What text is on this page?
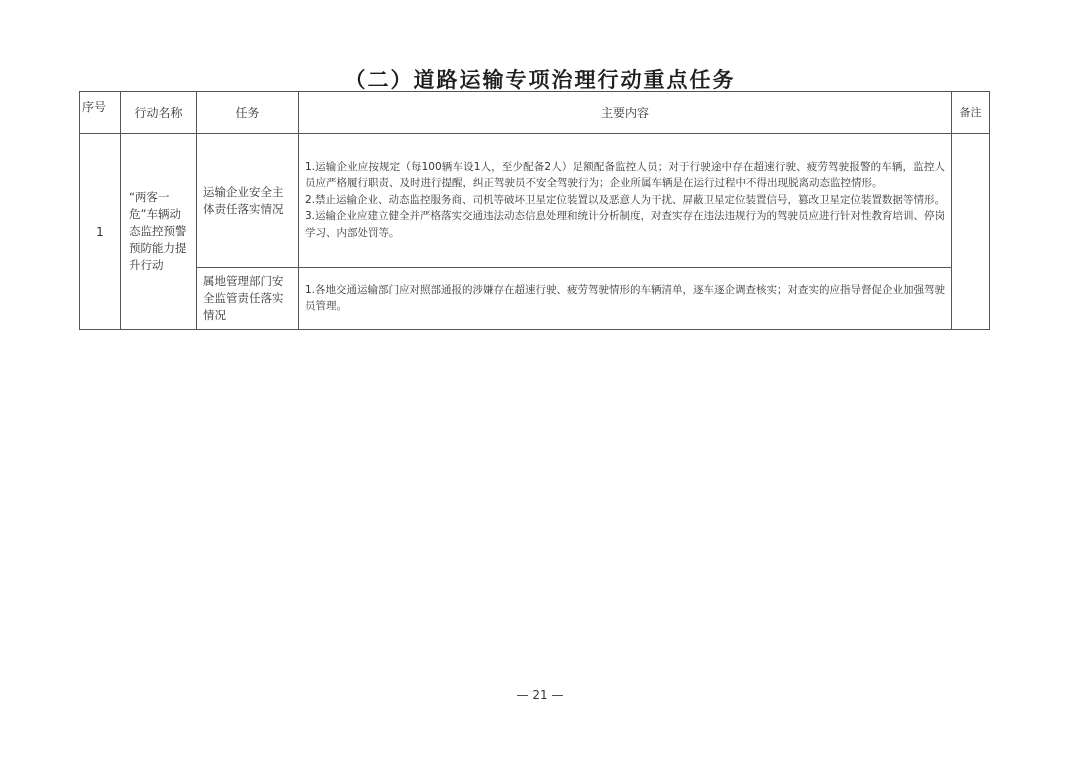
（二）道路运输专项治理行动重点任务
序号	行动名称	任务	主要内容	备注
1	“两客一危”车辆动态监控预警预防能力提升行动	运输企业安全主体责任落实情况	1.运输企业应按规定（每100辆车设1人，至少配备2人）足额配备监控人员；对于行驶途中存在超速行驶、疲劳驾驶报警的车辆，监控人员应严格履行职责、及时进行提醒，纠正驾驶员不安全驾驶行为；企业所属车辆是在运行过程中不得出现脱离动态监控情形。

2.禁止运输企业、动态监控服务商、司机等破坏卫星定位装置以及恶意人为干扰、屏蔽卫星定位装置信号，篡改卫星定位装置数据等情形。

3.运输企业应建立健全并严格落实交通违法动态信息处理和统计分析制度，对查实存在违法违规行为的驾驶员应进行针对性教育培训、停岗学习、内部处罚等。	

		属地管理部门安全监管责任落实情况	1.各地交通运输部门应对照部通报的涉嫌存在超速行驶、疲劳驾驶情形的车辆清单，逐车逐企调查核实；对查实的应指导督促企业加强驾驶员管理。	

— 21 —
